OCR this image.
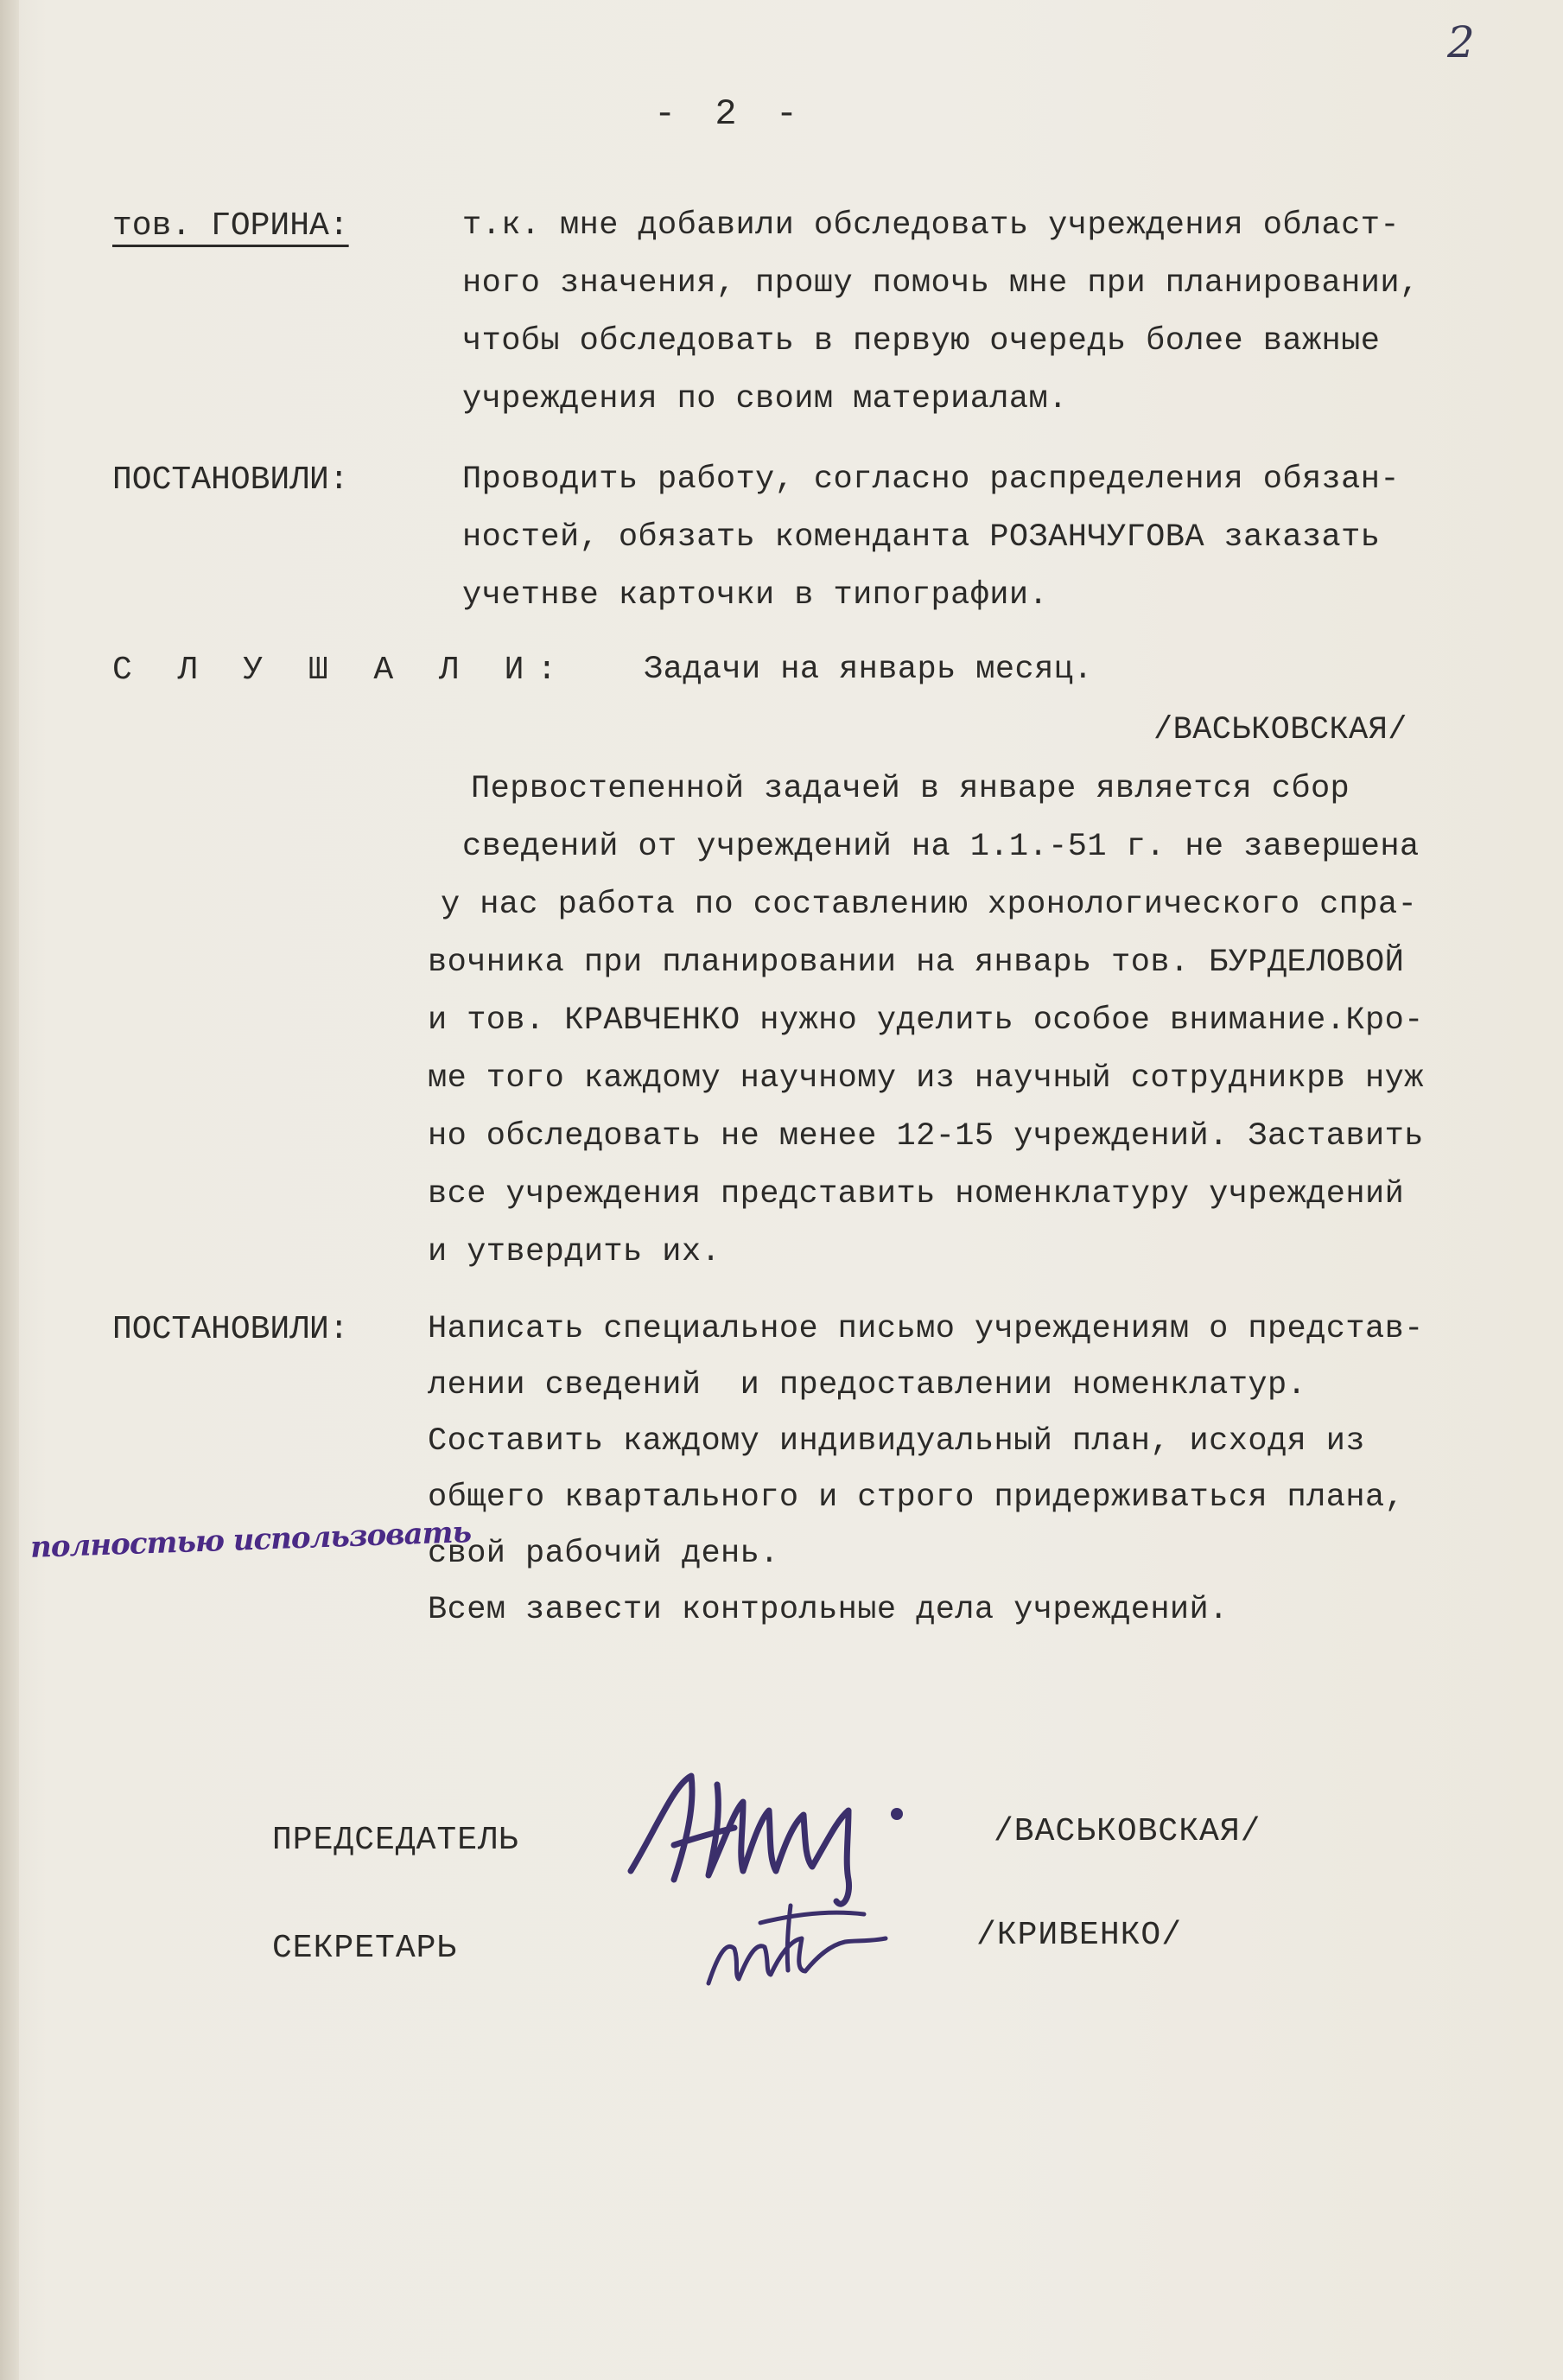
2

- 2 -

тов. ГОРИНА:	т.к. мне добавили обследовать учреждения област-

ного значения, прошу помочь мне при планировании,

чтобы обследовать в первую очередь более важные

учреждения по своим материалам.

ПОСТАНОВИЛИ:	Проводить работу, согласно распределения обязан-

ностей, обязать коменданта РОЗАНЧУГОВА заказать

учетнве карточки в типографии.

С Л У Ш А Л И: Задачи на январь месяц.

/ВАСЬКОВСКАЯ/

Первостепенной задачей в январе является сбор

сведений от учреждений на 1.1.-51 г. не завершена

у нас работа по составлению хронологического спра-

вочника при планировании на январь тов. БУРДЕЛОВОЙ

и тов. КРАВЧЕНКО нужно уделить особое внимание.Кро-

ме того каждому научному из научный сотрудникрв нуж

но обследовать не менее 12-15 учреждений. Заставить

все учреждения представить номенклатуру учреждений

и утвердить их.

ПОСТАНОВИЛИ: Написать специальное письмо учреждениям о представ-

лении сведений  и предоставлении номенклатур.

Составить каждому индивидуальный план, исходя из

общего квартального и строго придерживаться плана,

свой рабочий день.

Всем завести контрольные дела учреждений.

полностью использовать

ПРЕДСЕДАТЕЛЬ	/ВАСЬКОВСКАЯ/

СЕКРЕТАРЬ	/КРИВЕНКО/
